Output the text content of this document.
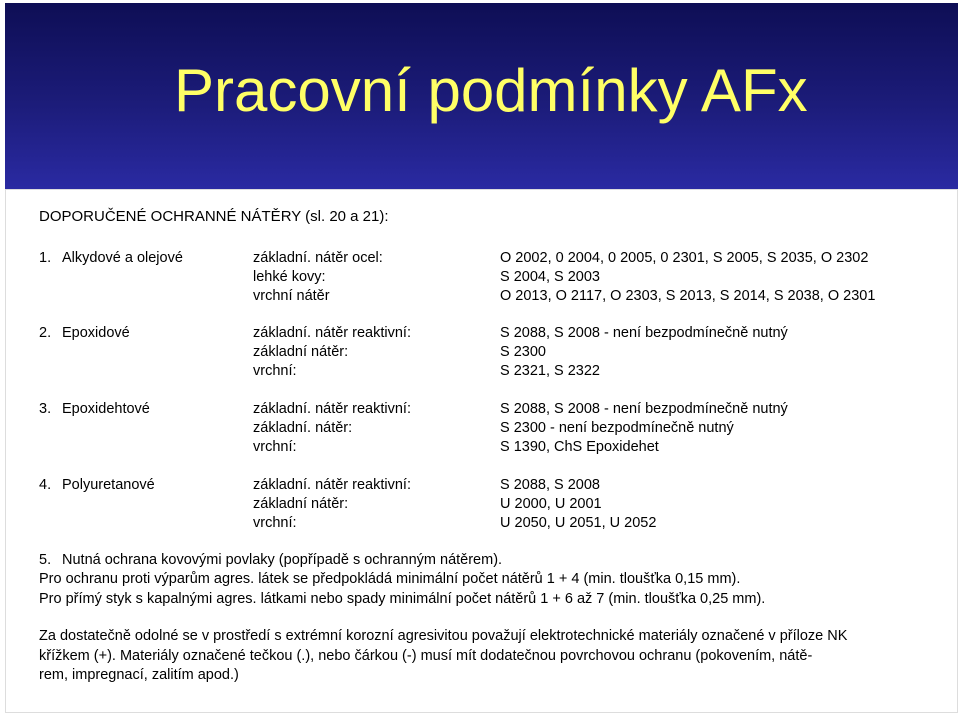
Pracovní podmínky AFx

DOPORUČENÉ OCHRANNÉ NÁTĚRY (sl. 20 a 21):

1. Alkydové a olejové	základní. nátěr ocel:	O 2002, 0 2004, 0 2005, 0 2301, S 2005, S 2035, O 2302

lehké kovy:	S 2004, S 2003

vrchní nátěr	O 2013, O 2117, O 2303, S 2013, S 2014, S 2038, O 2301

2. Epoxidové	základní. nátěr reaktivní:	S 2088, S 2008 - není bezpodmínečně nutný

základní nátěr:	S 2300

vrchní:	S 2321, S 2322

3. Epoxidehtové	základní. nátěr reaktivní:	S 2088, S 2008 - není bezpodmínečně nutný

základní. nátěr:	S 2300 - není bezpodmínečně nutný

vrchní:	S 1390, ChS Epoxidehet

4. Polyuretanové	základní. nátěr reaktivní:	S 2088, S 2008

základní nátěr:	U 2000, U 2001

vrchní:	U 2050, U 2051, U 2052

5. Nutná ochrana kovovými povlaky (popřípadě s ochranným nátěrem).

Pro ochranu proti výparům agres. látek se předpokládá minimální počet nátěrů 1 + 4 (min. tloušťka 0,15 mm).

Pro přímý styk s kapalnými agres. látkami nebo spady minimální počet nátěrů 1 + 6 až 7 (min. tloušťka 0,25 mm).

Za dostatečně odolné se v prostředí s extrémní korozní agresivitou považují elektrotechnické materiály označené v příloze NK

křížkem (+). Materiály označené tečkou (.), nebo čárkou (-) musí mít dodatečnou povrchovou ochranu (pokovením, nátě-

rem, impregnací, zalitím apod.)
